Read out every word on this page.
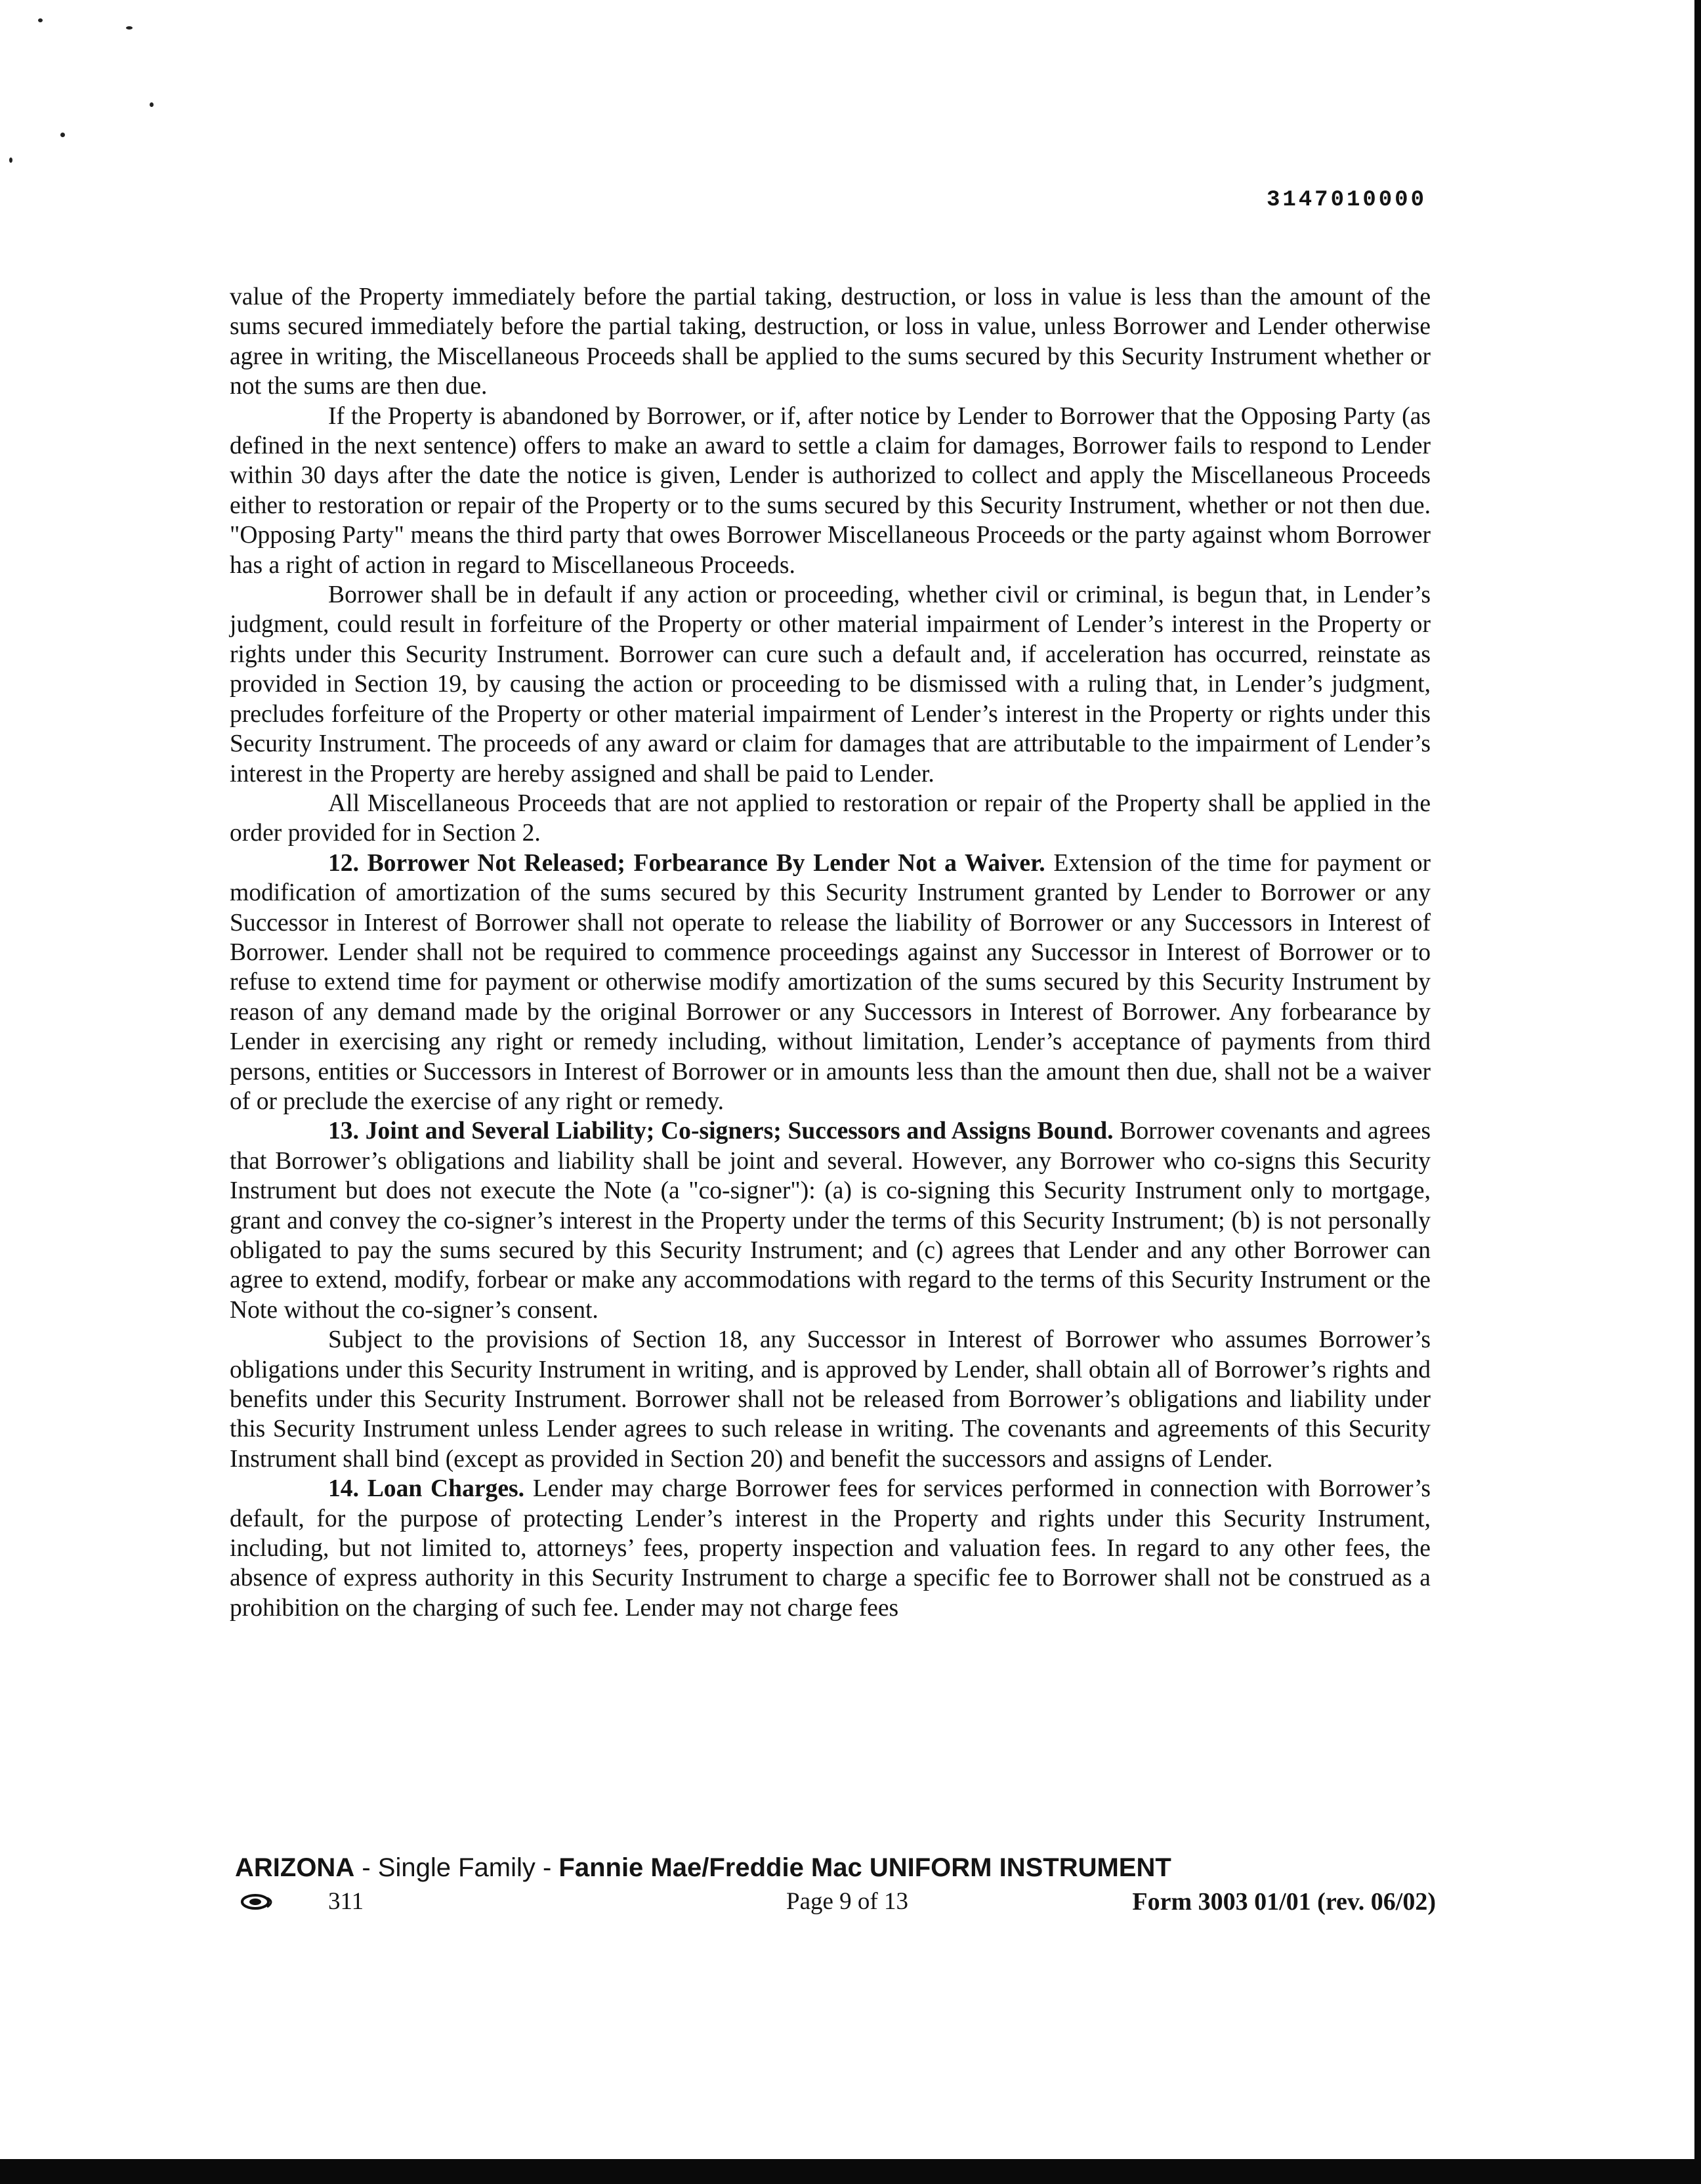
3147010000

value of the Property immediately before the partial taking, destruction, or loss in value is less than the amount of the sums secured immediately before the partial taking, destruction, or loss in value, unless Borrower and Lender otherwise agree in writing, the Miscellaneous Proceeds shall be applied to the sums secured by this Security Instrument whether or not the sums are then due.

If the Property is abandoned by Borrower, or if, after notice by Lender to Borrower that the Opposing Party (as defined in the next sentence) offers to make an award to settle a claim for damages, Borrower fails to respond to Lender within 30 days after the date the notice is given, Lender is authorized to collect and apply the Miscellaneous Proceeds either to restoration or repair of the Property or to the sums secured by this Security Instrument, whether or not then due. "Opposing Party" means the third party that owes Borrower Miscellaneous Proceeds or the party against whom Borrower has a right of action in regard to Miscellaneous Proceeds.

Borrower shall be in default if any action or proceeding, whether civil or criminal, is begun that, in Lender’s judgment, could result in forfeiture of the Property or other material impairment of Lender’s interest in the Property or rights under this Security Instrument. Borrower can cure such a default and, if acceleration has occurred, reinstate as provided in Section 19, by causing the action or proceeding to be dismissed with a ruling that, in Lender’s judgment, precludes forfeiture of the Property or other material impairment of Lender’s interest in the Property or rights under this Security Instrument. The proceeds of any award or claim for damages that are attributable to the impairment of Lender’s interest in the Property are hereby assigned and shall be paid to Lender.

All Miscellaneous Proceeds that are not applied to restoration or repair of the Property shall be applied in the order provided for in Section 2.

12. Borrower Not Released; Forbearance By Lender Not a Waiver. Extension of the time for payment or modification of amortization of the sums secured by this Security Instrument granted by Lender to Borrower or any Successor in Interest of Borrower shall not operate to release the liability of Borrower or any Successors in Interest of Borrower. Lender shall not be required to commence proceedings against any Successor in Interest of Borrower or to refuse to extend time for payment or otherwise modify amortization of the sums secured by this Security Instrument by reason of any demand made by the original Borrower or any Successors in Interest of Borrower. Any forbearance by Lender in exercising any right or remedy including, without limitation, Lender’s acceptance of payments from third persons, entities or Successors in Interest of Borrower or in amounts less than the amount then due, shall not be a waiver of or preclude the exercise of any right or remedy.

13. Joint and Several Liability; Co-signers; Successors and Assigns Bound. Borrower covenants and agrees that Borrower’s obligations and liability shall be joint and several. However, any Borrower who co-signs this Security Instrument but does not execute the Note (a "co-signer"): (a) is co-signing this Security Instrument only to mortgage, grant and convey the co-signer’s interest in the Property under the terms of this Security Instrument; (b) is not personally obligated to pay the sums secured by this Security Instrument; and (c) agrees that Lender and any other Borrower can agree to extend, modify, forbear or make any accommodations with regard to the terms of this Security Instrument or the Note without the co-signer’s consent.

Subject to the provisions of Section 18, any Successor in Interest of Borrower who assumes Borrower’s obligations under this Security Instrument in writing, and is approved by Lender, shall obtain all of Borrower’s rights and benefits under this Security Instrument. Borrower shall not be released from Borrower’s obligations and liability under this Security Instrument unless Lender agrees to such release in writing. The covenants and agreements of this Security Instrument shall bind (except as provided in Section 20) and benefit the successors and assigns of Lender.

14. Loan Charges. Lender may charge Borrower fees for services performed in connection with Borrower’s default, for the purpose of protecting Lender’s interest in the Property and rights under this Security Instrument, including, but not limited to, attorneys’ fees, property inspection and valuation fees. In regard to any other fees, the absence of express authority in this Security Instrument to charge a specific fee to Borrower shall not be construed as a prohibition on the charging of such fee. Lender may not charge fees

ARIZONA - Single Family - Fannie Mae/Freddie Mac UNIFORM INSTRUMENT
311	Page 9 of 13	Form 3003 01/01 (rev. 06/02)
